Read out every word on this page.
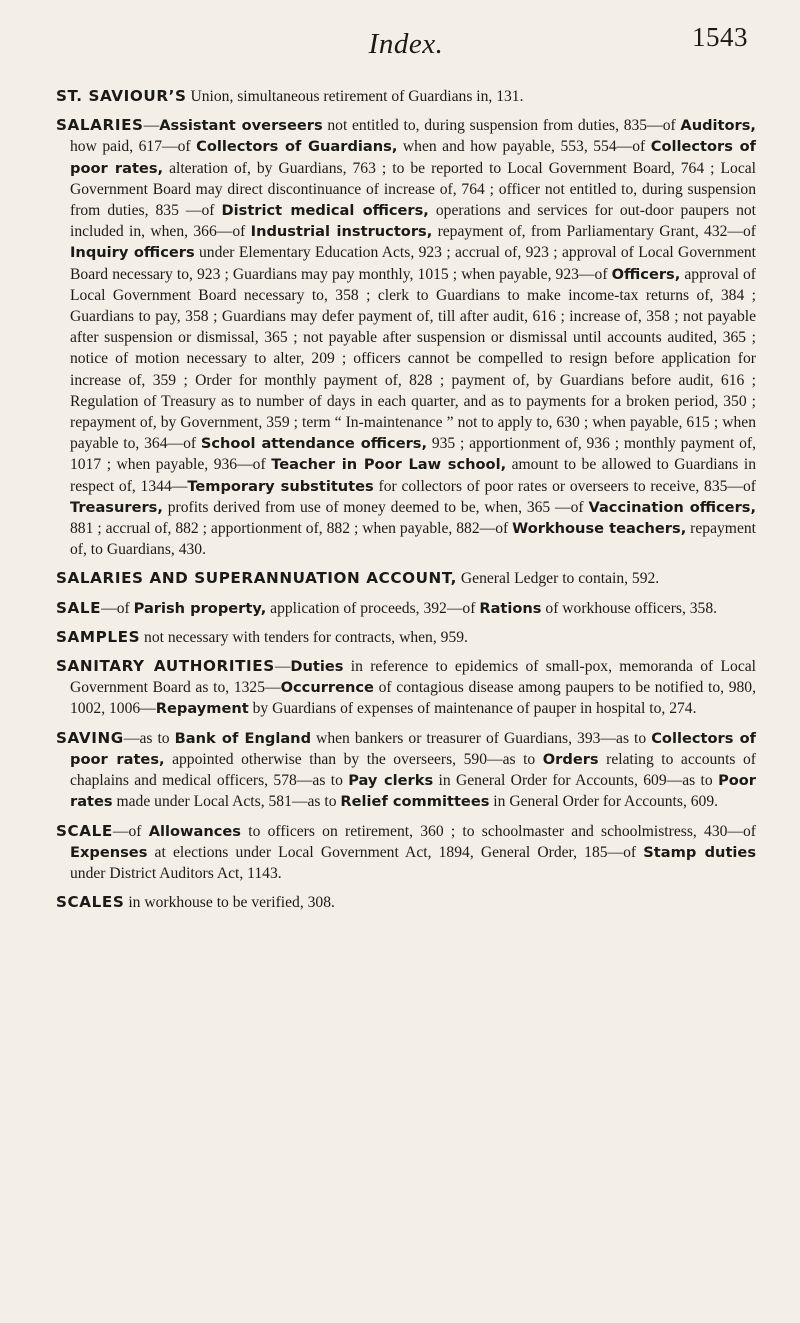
Index.	1543

ST. SAVIOUR’S Union, simultaneous retirement of Guardians in, 131.

SALARIES—Assistant overseers not entitled to, during suspension from duties, 835—of Auditors, how paid, 617—of Collectors of Guardians, when and how payable, 553, 554—of Collectors of poor rates, alteration of, by Guardians, 763 ; to be reported to Local Government Board, 764 ; Local Government Board may direct discontinuance of increase of, 764 ; officer not entitled to, during suspension from duties, 835 —of District medical officers, operations and services for out-door paupers not included in, when, 366—of Industrial instructors, repayment of, from Parliamentary Grant, 432—of Inquiry officers under Elementary Education Acts, 923 ; accrual of, 923 ; approval of Local Government Board necessary to, 923 ; Guardians may pay monthly, 1015 ; when payable, 923—of Officers, approval of Local Government Board necessary to, 358 ; clerk to Guardians to make income-tax returns of, 384 ; Guardians to pay, 358 ; Guardians may defer payment of, till after audit, 616 ; increase of, 358 ; not payable after suspension or dismissal, 365 ; not payable after suspension or dismissal until accounts audited, 365 ; notice of motion necessary to alter, 209 ; officers cannot be compelled to resign before application for increase of, 359 ; Order for monthly payment of, 828 ; payment of, by Guardians before audit, 616 ; Regulation of Treasury as to number of days in each quarter, and as to payments for a broken period, 350 ; repayment of, by Government, 359 ; term “ In-maintenance ” not to apply to, 630 ; when payable, 615 ; when payable to, 364—of School attendance officers, 935 ; apportionment of, 936 ; monthly payment of, 1017 ; when payable, 936—of Teacher in Poor Law school, amount to be allowed to Guardians in respect of, 1344—Temporary substitutes for collectors of poor rates or overseers to receive, 835—of Treasurers, profits derived from use of money deemed to be, when, 365 —of Vaccination officers, 881 ; accrual of, 882 ; apportionment of, 882 ; when payable, 882—of Workhouse teachers, repayment of, to Guardians, 430.

SALARIES AND SUPERANNUATION ACCOUNT, General Ledger to contain, 592.

SALE—of Parish property, application of proceeds, 392—of Rations of workhouse officers, 358.

SAMPLES not necessary with tenders for contracts, when, 959.

SANITARY AUTHORITIES—Duties in reference to epidemics of small-pox, memoranda of Local Government Board as to, 1325—Occurrence of contagious disease among paupers to be notified to, 980, 1002, 1006—Repayment by Guardians of expenses of maintenance of pauper in hospital to, 274.

SAVING—as to Bank of England when bankers or treasurer of Guardians, 393—as to Collectors of poor rates, appointed otherwise than by the overseers, 590—as to Orders relating to accounts of chaplains and medical officers, 578—as to Pay clerks in General Order for Accounts, 609—as to Poor rates made under Local Acts, 581—as to Relief committees in General Order for Accounts, 609.

SCALE—of Allowances to officers on retirement, 360 ; to schoolmaster and schoolmistress, 430—of Expenses at elections under Local Government Act, 1894, General Order, 185—of Stamp duties under District Auditors Act, 1143.

SCALES in workhouse to be verified, 308.
